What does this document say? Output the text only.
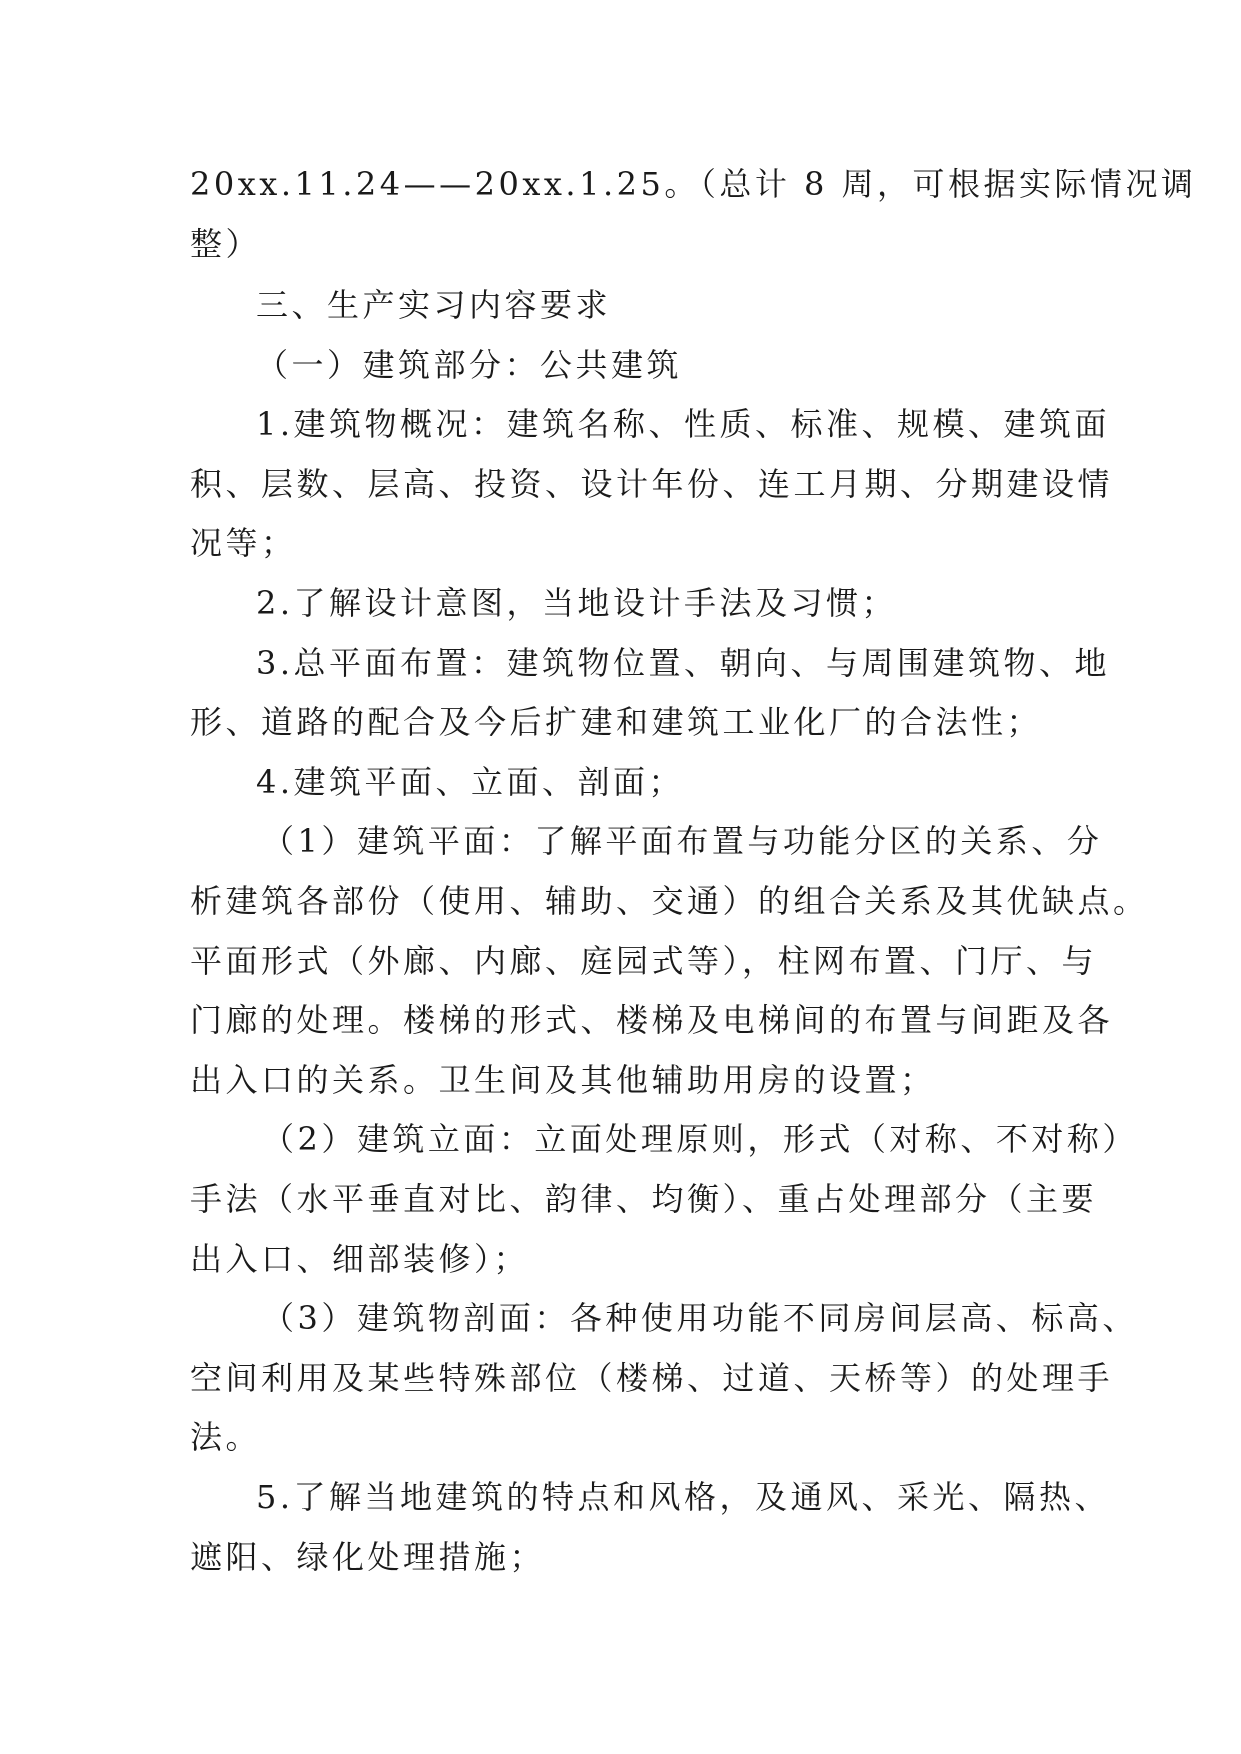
20xx.11.24——20xx.1.25。（总计 8 周，可根据实际情况调
整）
三、生产实习内容要求
（一）建筑部分：公共建筑
1.建筑物概况：建筑名称、性质、标准、规模、建筑面
积、层数、层高、投资、设计年份、连工月期、分期建设情
况等；
2.了解设计意图，当地设计手法及习惯；
3.总平面布置：建筑物位置、朝向、与周围建筑物、地
形、道路的配合及今后扩建和建筑工业化厂的合法性；
4.建筑平面、立面、剖面；
（1）建筑平面：了解平面布置与功能分区的关系、分
析建筑各部份（使用、辅助、交通）的组合关系及其优缺点。
平面形式（外廊、内廊、庭园式等），柱网布置、门厅、与
门廊的处理。楼梯的形式、楼梯及电梯间的布置与间距及各
出入口的关系。卫生间及其他辅助用房的设置；
（2）建筑立面：立面处理原则，形式（对称、不对称）
手法（水平垂直对比、韵律、均衡）、重占处理部分（主要
出入口、细部装修）；
（3）建筑物剖面：各种使用功能不同房间层高、标高、
空间利用及某些特殊部位（楼梯、过道、天桥等）的处理手
法。
5.了解当地建筑的特点和风格，及通风、采光、隔热、
遮阳、绿化处理措施；
